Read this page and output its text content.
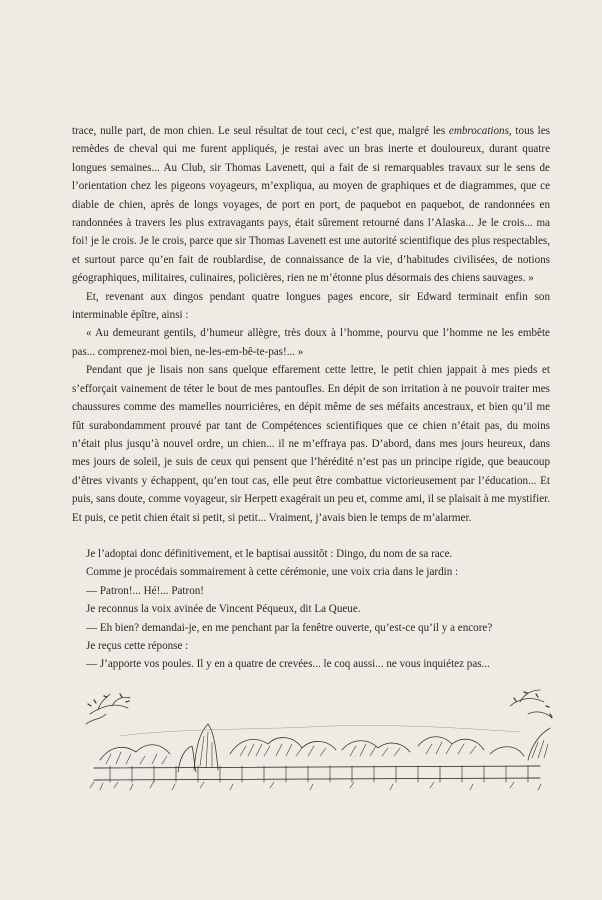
trace, nulle part, de mon chien. Le seul résultat de tout ceci, c’est que, malgré les embrocations, tous les remèdes de cheval qui me furent appliqués, je restai avec un bras inerte et douloureux, durant quatre longues semaines... Au Club, sir Thomas Lavenett, qui a fait de si remarquables travaux sur le sens de l’orientation chez les pigeons voyageurs, m’expliqua, au moyen de graphiques et de diagrammes, que ce diable de chien, après de longs voyages, de port en port, de paquebot en paquebot, de randonnées en randonnées à travers les plus extravagants pays, était sûrement retourné dans l’Alaska... Je le crois... ma foi! je le crois. Je le crois, parce que sir Thomas Lavenett est une autorité scientifique des plus respectables, et surtout parce qu’en fait de roublardise, de connaissance de la vie, d’habitudes civilisées, de notions géographiques, militaires, culinaires, policières, rien ne m’étonne plus désormais des chiens sauvages. »

Et, revenant aux dingos pendant quatre longues pages encore, sir Edward terminait enfin son interminable épître, ainsi :

« Au demeurant gentils, d’humeur allègre, très doux à l’homme, pourvu que l’homme ne les embête pas... comprenez-moi bien, ne-les-em-bê-te-pas!... »

Pendant que je lisais non sans quelque effarement cette lettre, le petit chien jappait à mes pieds et s’efforçait vainement de téter le bout de mes pantoufles. En dépit de son irritation à ne pouvoir traiter mes chaussures comme des mamelles nourricières, en dépit même de ses méfaits ancestraux, et bien qu’il me fût surabondamment prouvé par tant de Compétences scientifiques que ce chien n’était pas, du moins n’était plus jusqu’à nouvel ordre, un chien... il ne m’effraya pas. D’abord, dans mes jours heureux, dans mes jours de soleil, je suis de ceux qui pensent que l’hérédité n’est pas un principe rigide, que beaucoup d’êtres vivants y échappent, qu’en tout cas, elle peut être combattue victorieusement par l’éducation... Et puis, sans doute, comme voyageur, sir Herpett exagérait un peu et, comme ami, il se plaisait à me mystifier. Et puis, ce petit chien était si petit, si petit... Vraiment, j’avais bien le temps de m’alarmer.

Je l’adoptai donc définitivement, et le baptisai aussitôt : Dingo, du nom de sa race.

Comme je procédais sommairement à cette cérémonie, une voix cria dans le jardin :

— Patron!... Hé!... Patron!

Je reconnus la voix avinée de Vincent Péqueux, dit La Queue.

— Eh bien? demandai-je, en me penchant par la fenêtre ouverte, qu’est-ce qu’il y a encore?

Je reçus cette réponse :

— J’apporte vos poules. Il y en a quatre de crevées... le coq aussi... ne vous inquiétez pas...
